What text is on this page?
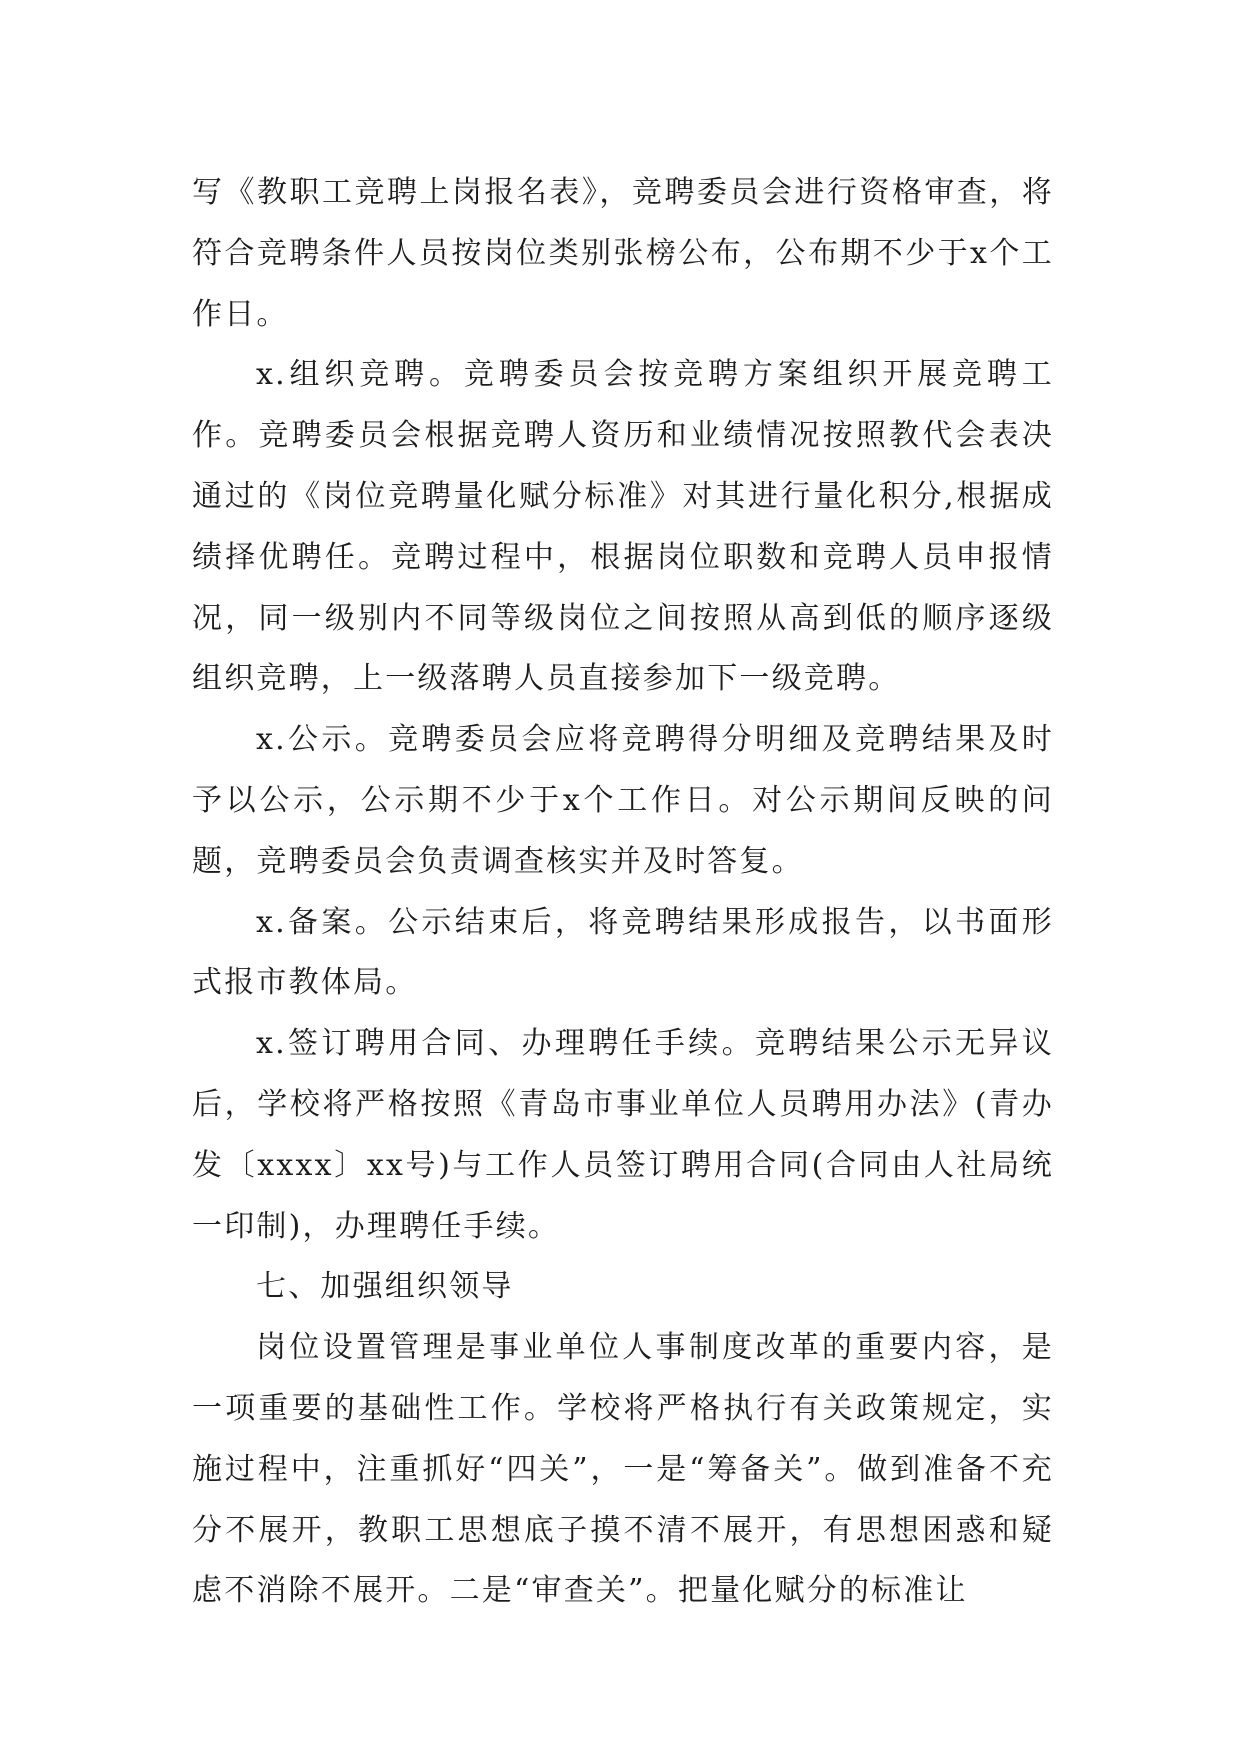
写《教职工竞聘上岗报名表》，竞聘委员会进行资格审查，将符合竞聘条件人员按岗位类别张榜公布，公布期不少于x个工作日。

x.组织竞聘。竞聘委员会按竞聘方案组织开展竞聘工作。竞聘委员会根据竞聘人资历和业绩情况按照教代会表决通过的《岗位竞聘量化赋分标准》对其进行量化积分,根据成绩择优聘任。竞聘过程中，根据岗位职数和竞聘人员申报情况，同一级别内不同等级岗位之间按照从高到低的顺序逐级组织竞聘，上一级落聘人员直接参加下一级竞聘。

x.公示。竞聘委员会应将竞聘得分明细及竞聘结果及时予以公示，公示期不少于x个工作日。对公示期间反映的问题，竞聘委员会负责调查核实并及时答复。

x.备案。公示结束后，将竞聘结果形成报告，以书面形式报市教体局。

x.签订聘用合同、办理聘任手续。竞聘结果公示无异议后，学校将严格按照《青岛市事业单位人员聘用办法》(青办发〔xxxx〕xx号)与工作人员签订聘用合同(合同由人社局统一印制)，办理聘任手续。

七、加强组织领导

岗位设置管理是事业单位人事制度改革的重要内容，是一项重要的基础性工作。学校将严格执行有关政策规定，实施过程中，注重抓好“四关”，一是“筹备关”。做到准备不充分不展开，教职工思想底子摸不清不展开，有思想困惑和疑虑不消除不展开。二是“审查关”。把量化赋分的标准让
